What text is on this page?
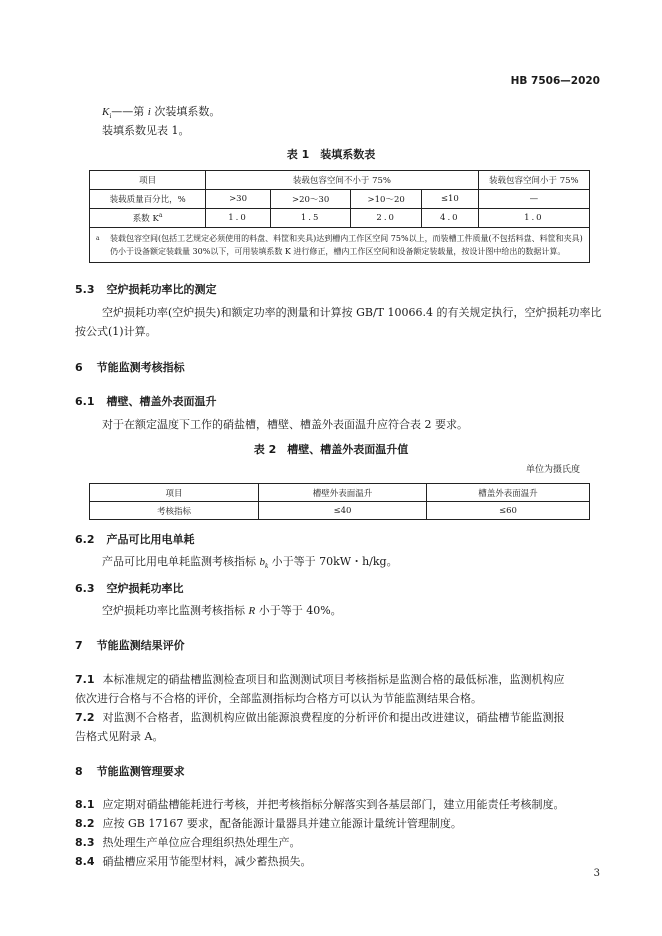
HB 7506—2020
$K_i——$第 i 次装填系数。
装填系数见表 1。
表 1　装填系数表
项目	装载包容空间不小于 75%				装载包容空间小于 75%
装载质量百分比，%	>30	>20～30	>10～20	≤10	—
系数 $K^a$	1.0	1.5	2.0	4.0	1.0

a 装载包容空间(包括工艺规定必须使用的料盘、料筐和夹具)达到槽内工作区空间 75%以上，而装槽工件质量(不包括料盘、料筐和夹具)仍小于设备额定装载量 30%以下，可用装填系数 K 进行修正，槽内工作区空间和设备额定装载量，按设计图中给出的数据计算。					
5.3 空炉损耗功率比的测定
空炉损耗功率(空炉损失)和额定功率的测量和计算按 GB/T 10066.4 的有关规定执行，空炉损耗功率比按公式(1)计算。
6 节能监测考核指标
6.1 槽壁、槽盖外表面温升
对于在额定温度下工作的硝盐槽，槽壁、槽盖外表面温升应符合表 2 要求。
表 2　槽壁、槽盖外表面温升值
单位为摄氏度
项目	槽壁外表面温升	槽盖外表面温升
考核指标	≤40	≤60
6.2 产品可比用电单耗
产品可比用电单耗监测考核指标 $b_k$ 小于等于 70kW・h/kg。
6.3 空炉损耗功率比
空炉损耗功率比监测考核指标 R 小于等于 40%。
7 节能监测结果评价
7.1 本标准规定的硝盐槽监测检查项目和监测测试项目考核指标是监测合格的最低标准，监测机构应
依次进行合格与不合格的评价，全部监测指标均合格方可以认为节能监测结果合格。
7.2 对监测不合格者，监测机构应做出能源浪费程度的分析评价和提出改进建议，硝盐槽节能监测报
告格式见附录 A。
8 节能监测管理要求
8.1 应定期对硝盐槽能耗进行考核，并把考核指标分解落实到各基层部门，建立用能责任考核制度。
8.2 应按 GB 17167 要求，配备能源计量器具并建立能源计量统计管理制度。
8.3 热处理生产单位应合理组织热处理生产。
8.4 硝盐槽应采用节能型材料，减少蓄热损失。
3
